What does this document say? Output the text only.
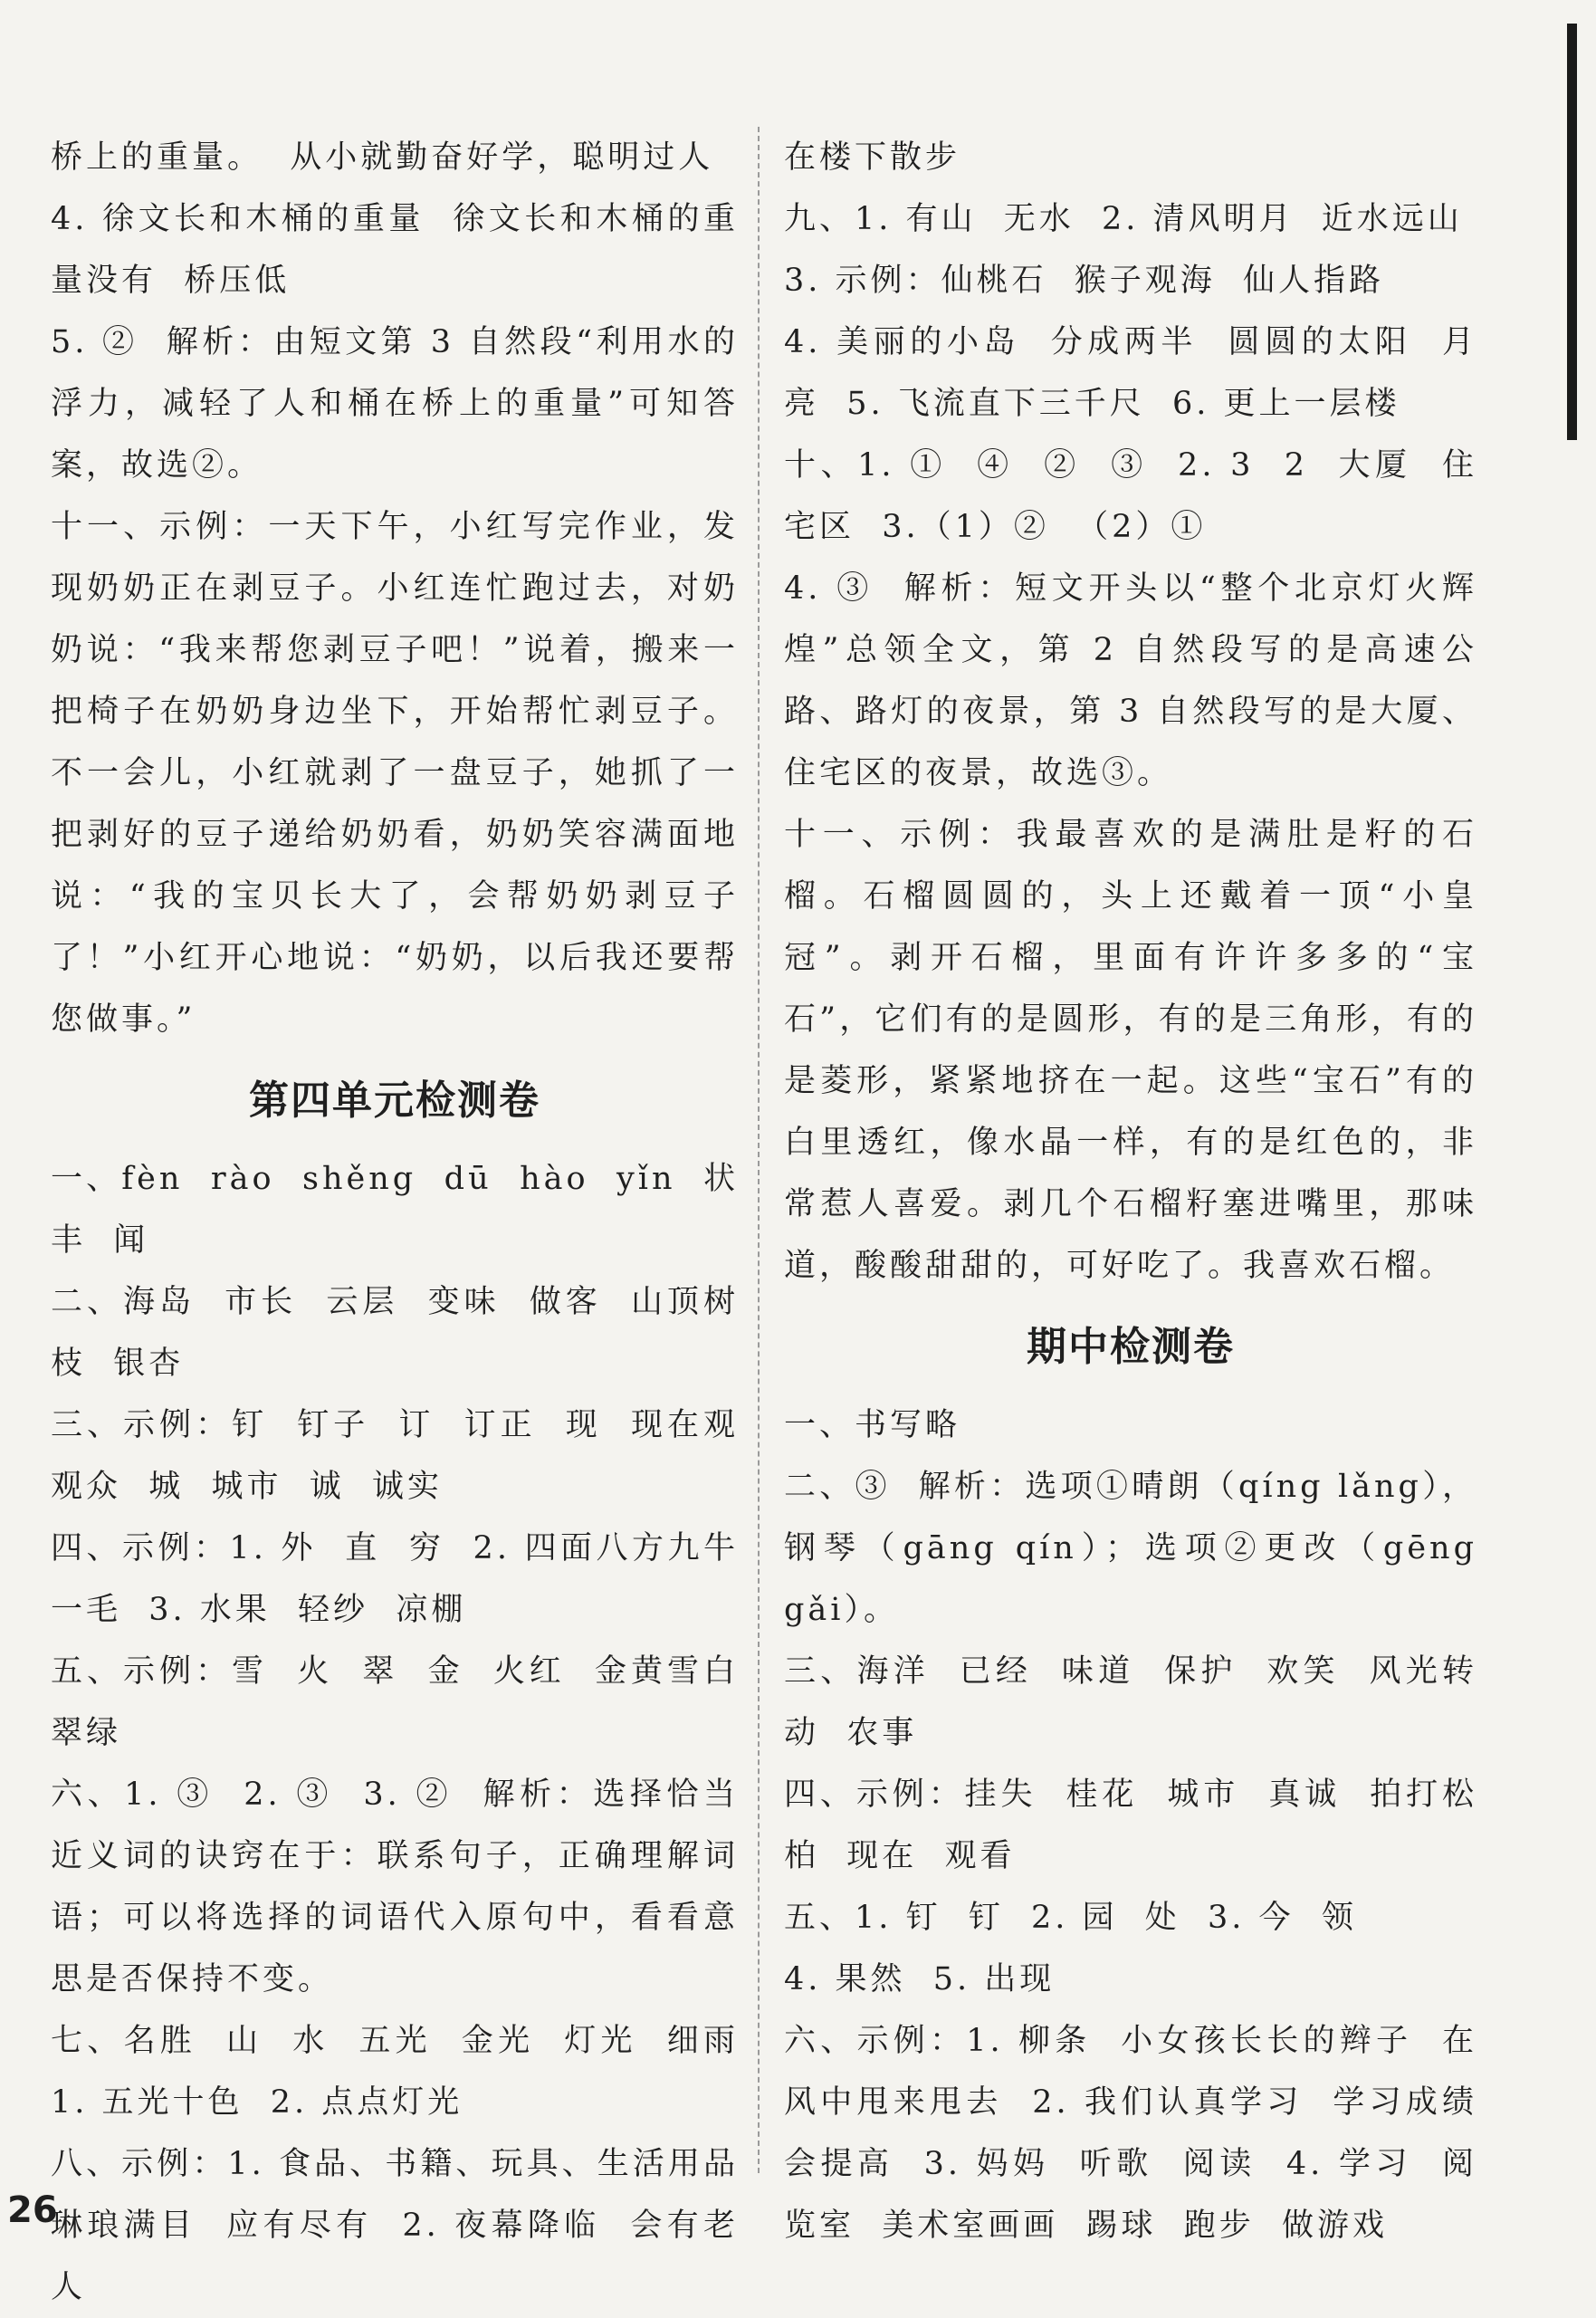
桥上的重量。  从小就勤奋好学，聪明过人

4. 徐文长和木桶的重量  徐文长和木桶的重量没有  桥压低

5. ②  解析：由短文第 3 自然段“利用水的浮力，减轻了人和桶在桥上的重量”可知答案，故选②。

十一、示例：一天下午，小红写完作业，发现奶奶正在剥豆子。小红连忙跑过去，对奶奶说：“我来帮您剥豆子吧！”说着，搬来一把椅子在奶奶身边坐下，开始帮忙剥豆子。不一会儿，小红就剥了一盘豆子，她抓了一把剥好的豆子递给奶奶看，奶奶笑容满面地说：“我的宝贝长大了，会帮奶奶剥豆子了！”小红开心地说：“奶奶，以后我还要帮您做事。”

第四单元检测卷

一、fèn  rào  shěng  dū  hào  yǐn  状丰  闻

二、海岛  市长  云层  变味  做客  山顶树枝  银杏

三、示例：钉  钉子  订  订正  现  现在观  观众  城  城市  诚  诚实

四、示例：1. 外  直  穷  2. 四面八方九牛一毛  3. 水果  轻纱  凉棚

五、示例：雪  火  翠  金  火红  金黄雪白  翠绿

六、1. ③  2. ③  3. ②  解析：选择恰当近义词的诀窍在于：联系句子，正确理解词语；可以将选择的词语代入原句中，看看意思是否保持不变。

七、名胜  山  水  五光  金光  灯光  细雨1. 五光十色  2. 点点灯光

八、示例：1. 食品、书籍、玩具、生活用品  琳琅满目  应有尽有  2. 夜幕降临  会有老人

在楼下散步

九、1. 有山  无水  2. 清风明月  近水远山

3. 示例：仙桃石  猴子观海  仙人指路

4. 美丽的小岛  分成两半  圆圆的太阳  月亮  5. 飞流直下三千尺  6. 更上一层楼

十、1. ①  ④  ②  ③  2. 3  2  大厦  住宅区  3.（1）②  （2）①

4. ③  解析：短文开头以“整个北京灯火辉煌”总领全文，第 2 自然段写的是高速公路、路灯的夜景，第 3 自然段写的是大厦、住宅区的夜景，故选③。

十一、示例：我最喜欢的是满肚是籽的石榴。石榴圆圆的，头上还戴着一顶“小皇冠”。剥开石榴，里面有许许多多的“宝石”，它们有的是圆形，有的是三角形，有的是菱形，紧紧地挤在一起。这些“宝石”有的白里透红，像水晶一样，有的是红色的，非常惹人喜爱。剥几个石榴籽塞进嘴里，那味道，酸酸甜甜的，可好吃了。我喜欢石榴。

期中检测卷

一、书写略

二、③  解析：选项①晴朗（qíng lǎng），钢琴（gāng qín）；选项②更改（gēng gǎi）。

三、海洋  已经  味道  保护  欢笑  风光转动  农事

四、示例：挂失  桂花  城市  真诚  拍打松柏  现在  观看

五、1. 钉  钉  2. 园  处  3. 今  领

4. 果然  5. 出现

六、示例：1. 柳条  小女孩长长的辫子  在风中甩来甩去  2. 我们认真学习  学习成绩会提高  3. 妈妈  听歌  阅读  4. 学习  阅览室  美术室画画  踢球  跑步  做游戏

26
